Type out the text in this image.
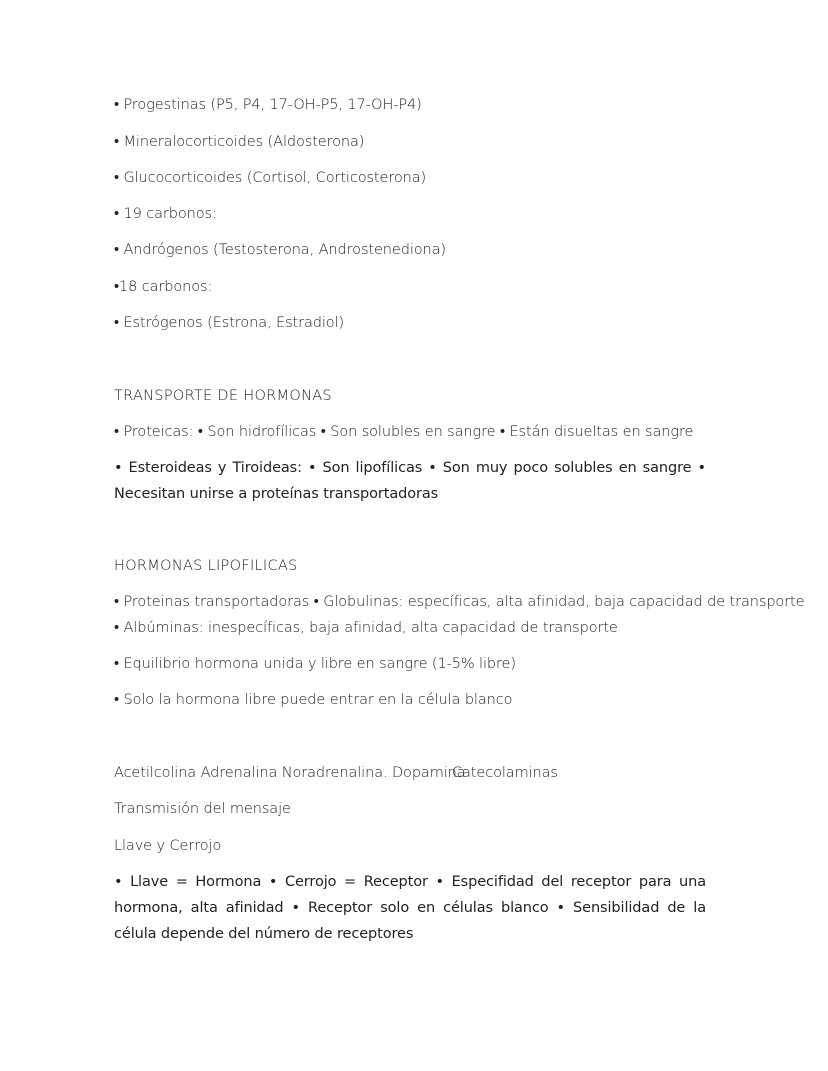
• Progestinas (P5, P4, 17-OH-P5, 17-OH-P4)
• Mineralocorticoides (Aldosterona)
• Glucocorticoides (Cortisol, Corticosterona)
• 19 carbonos:
• Andrógenos (Testosterona, Androstenediona)
•18 carbonos:
• Estrógenos (Estrona, Estradiol)
TRANSPORTE DE HORMONAS
• Proteicas: • Son hidrofílicas • Son solubles en sangre • Están disueltas en sangre
• Esteroideas y Tiroideas: • Son lipofílicas • Son muy poco solubles en sangre • Necesitan unirse a proteínas transportadoras
HORMONAS LIPOFILICAS
• Proteinas transportadoras • Globulinas: específicas, alta afinidad, baja capacidad de transporte
• Albúminas: inespecíficas, baja afinidad, alta capacidad de transporte
• Equilibrio hormona unida y libre en sangre (1-5% libre)
• Solo la hormona libre puede entrar en la célula blanco
Acetilcolina Adrenalina Noradrenalina. Dopamina
Catecolaminas
Transmisión del mensaje
Llave y Cerrojo
• Llave = Hormona • Cerrojo = Receptor • Especifidad del receptor para una hormona, alta afinidad • Receptor solo en células blanco • Sensibilidad de la célula depende del número de receptores
